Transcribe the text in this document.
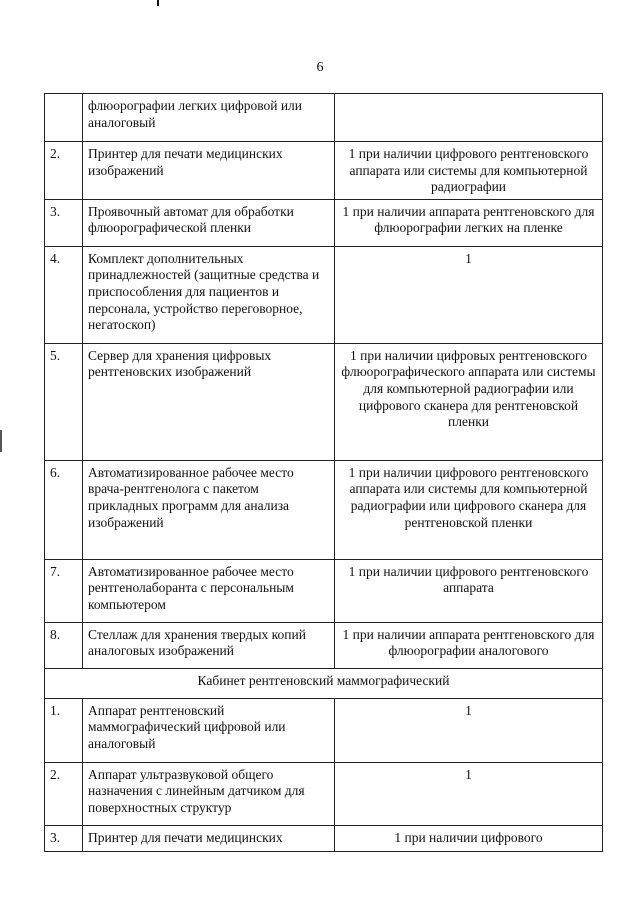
6
	флюорографии легких цифровой или аналоговый	
2.	Принтер для печати медицинских изображений	1 при наличии цифрового рентгеновского аппарата или системы для компьютерной радиографии
3.	Проявочный автомат для обработки флюорографической пленки	1 при наличии аппарата рентгеновского для флюорографии легких на пленке
4.	Комплект дополнительных принадлежностей (защитные средства и приспособления для пациентов и персонала, устройство переговорное, негатоскоп)	1
5.	Сервер для хранения цифровых рентгеновских изображений	1 при наличии цифровых рентгеновского флюорографического аппарата или системы для компьютерной радиографии или цифрового сканера для рентгеновской пленки
6.	Автоматизированное рабочее место врача-рентгенолога с пакетом прикладных программ для анализа изображений	1 при наличии цифрового рентгеновского аппарата или системы для компьютерной радиографии или цифрового сканера для рентгеновской пленки
7.	Автоматизированное рабочее место рентгенолаборанта с персональным компьютером	1 при наличии цифрового рентгеновского аппарата
8.	Стеллаж для хранения твердых копий аналоговых изображений	1 при наличии аппарата рентгеновского для флюорографии аналогового
Кабинет рентгеновский маммографический		
1.	Аппарат рентгеновский маммографический цифровой или аналоговый	1
2.	Аппарат ультразвуковой общего назначения с линейным датчиком для поверхностных структур	1
3.	Принтер для печати медицинских	1 при наличии цифрового
